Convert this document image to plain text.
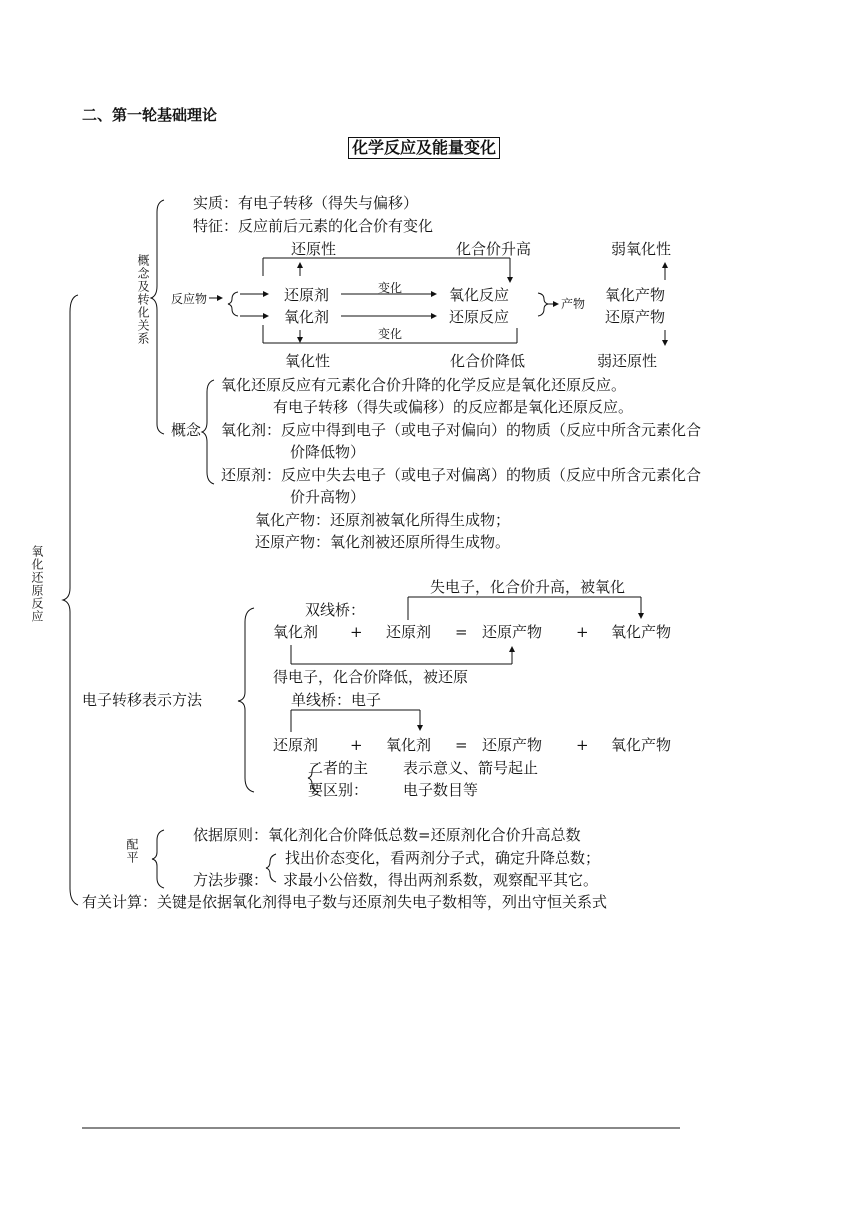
二、第一轮基础理论
化学反应及能量变化
氧化还原反应
概念及转化关系
配平
实质：有电子转移（得失与偏移）
特征：反应前后元素的化合价有变化
还原性	化合价升高	弱氧化性
反应物	还原剂
氧化剂
变化
变化
氧化反应
还原反应
产物 氧化产物
还原产物
氧化性	化合价降低	弱还原性
氧化还原反应有元素化合价升降的化学反应是氧化还原反应。
有电子转移（得失或偏移）的反应都是氧化还原反应。
概念 氧化剂：反应中得到电子（或电子对偏向）的物质（反应中所含元素化合
价降低物）
还原剂：反应中失去电子（或电子对偏离）的物质（反应中所含元素化合
价升高物）
氧化产物：还原剂被氧化所得生成物；
还原产物：氧化剂被还原所得生成物。
失电子，化合价升高，被氧化
双线桥：
氧化剂 + 还原剂 = 还原产物 + 氧化产物
得电子，化合价降低，被还原
电子转移表示方法	单线桥：电子
还原剂 + 氧化剂 = 还原产物 + 氧化产物
二者的主 表示意义、箭号起止
要区别： 电子数目等
依据原则：氧化剂化合价降低总数=还原剂化合价升高总数
找出价态变化，看两剂分子式，确定升降总数；
方法步骤： 求最小公倍数，得出两剂系数，观察配平其它。
有关计算：关键是依据氧化剂得电子数与还原剂失电子数相等，列出守恒关系式
